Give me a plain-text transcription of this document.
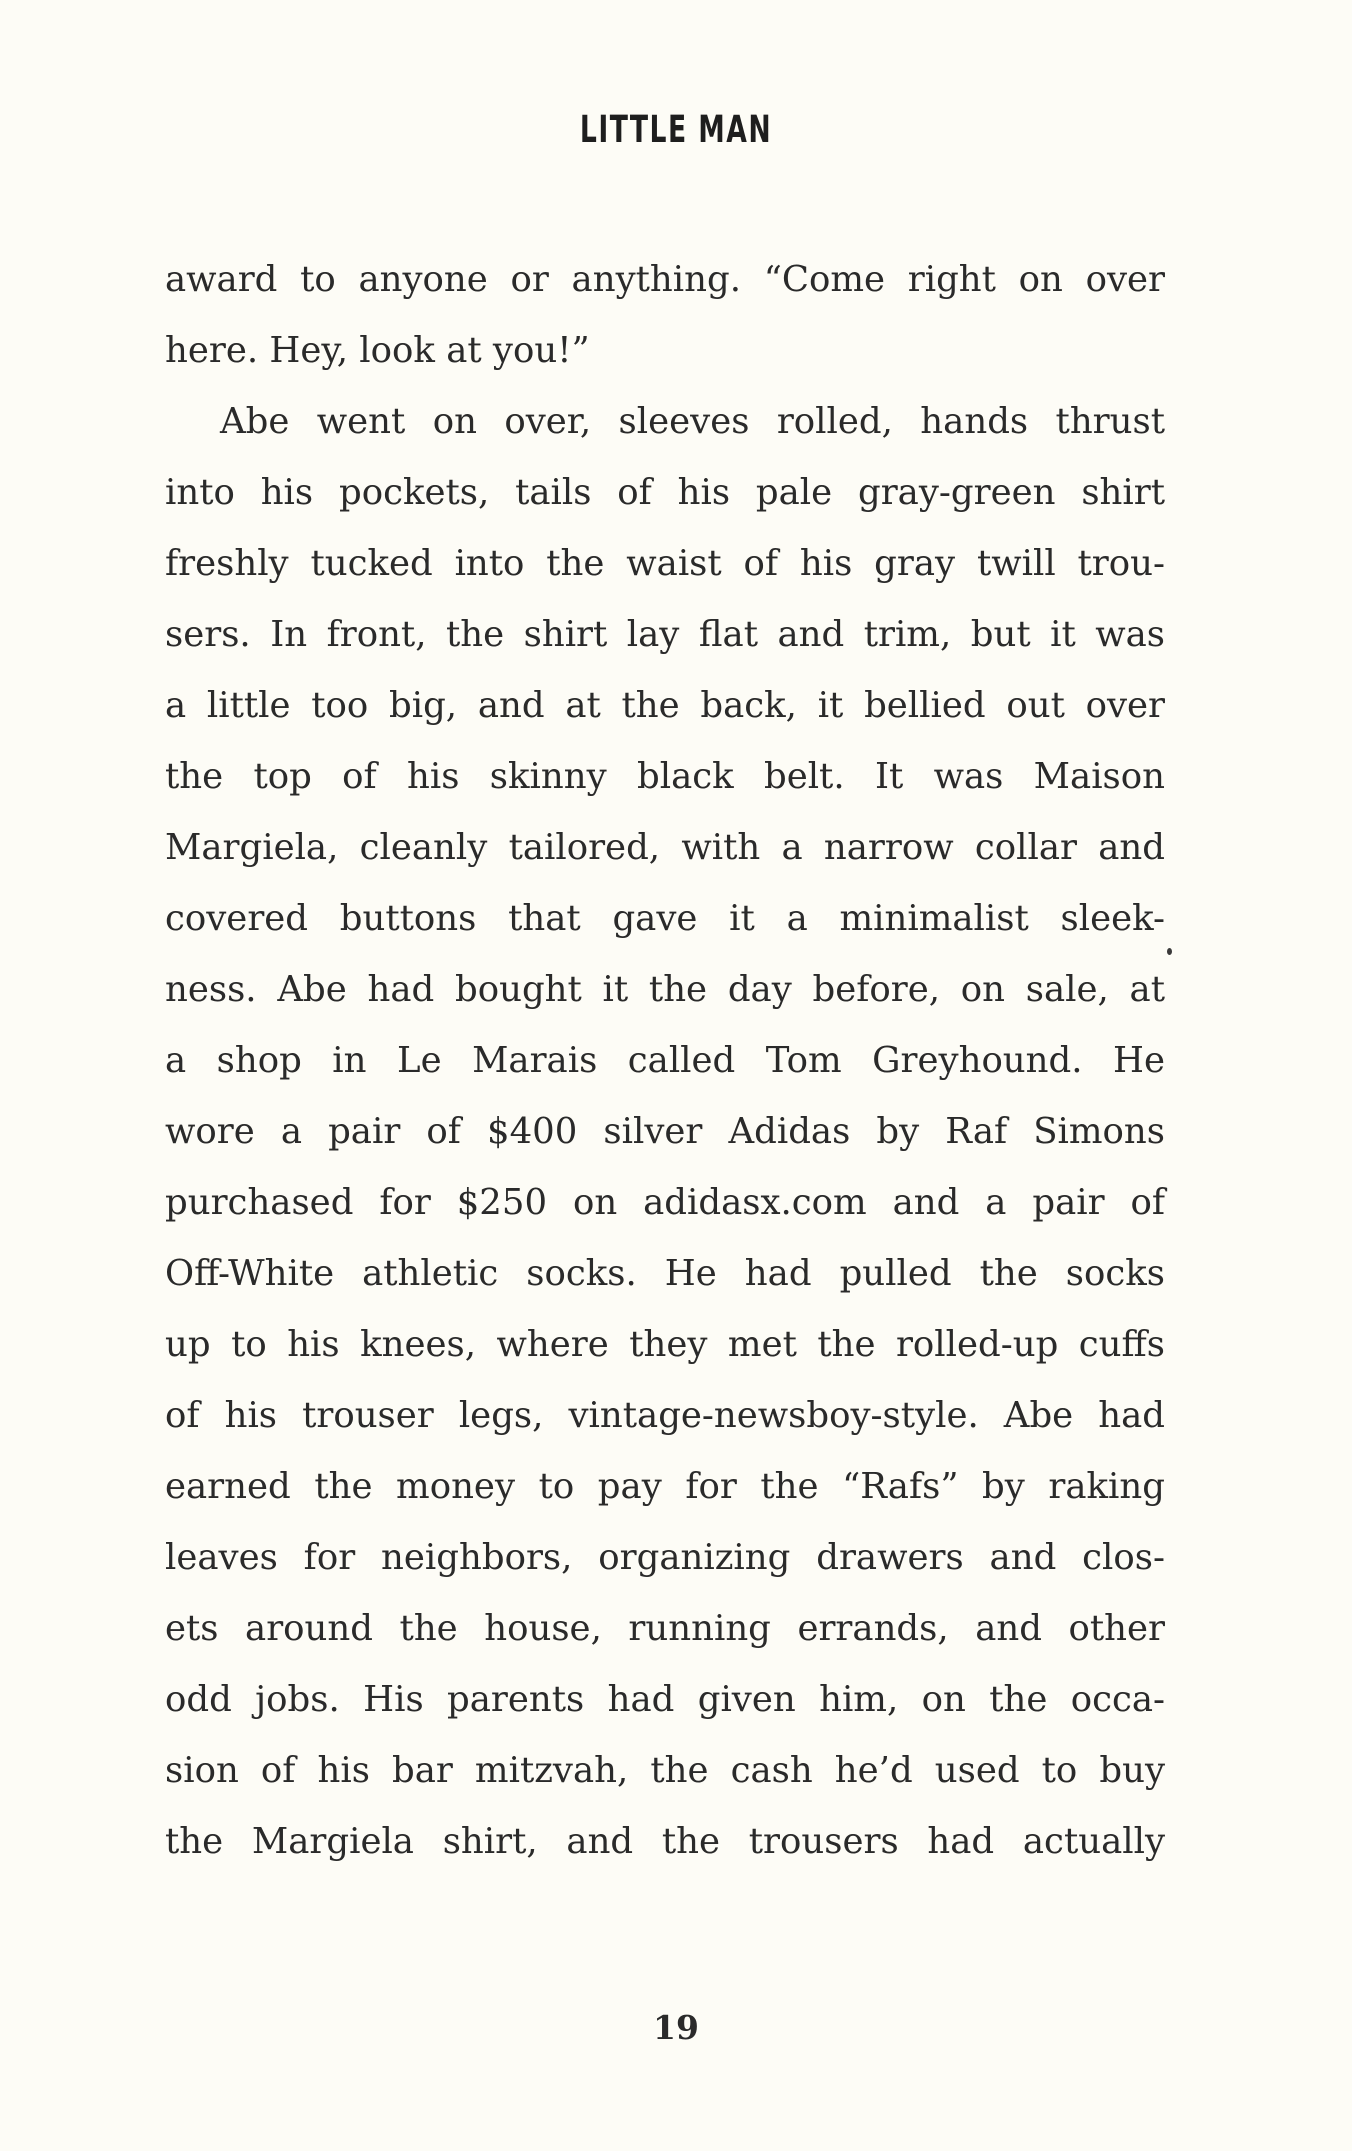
LITTLE MAN
award to anyone or anything. “Come right on over
here. Hey, look at you!”
Abe went on over, sleeves rolled, hands thrust
into his pockets, tails of his pale gray-green shirt
freshly tucked into the waist of his gray twill trou-
sers. In front, the shirt lay flat and trim, but it was
a little too big, and at the back, it bellied out over
the top of his skinny black belt. It was Maison
Margiela, cleanly tailored, with a narrow collar and
covered buttons that gave it a minimalist sleek-
ness. Abe had bought it the day before, on sale, at
a shop in Le Marais called Tom Greyhound. He
wore a pair of $400 silver Adidas by Raf Simons
purchased for $250 on adidasx.com and a pair of
Off-White athletic socks. He had pulled the socks
up to his knees, where they met the rolled-up cuffs
of his trouser legs, vintage-newsboy-style. Abe had
earned the money to pay for the “Rafs” by raking
leaves for neighbors, organizing drawers and clos-
ets around the house, running errands, and other
odd jobs. His parents had given him, on the occa-
sion of his bar mitzvah, the cash he’d used to buy
the Margiela shirt, and the trousers had actually
19
